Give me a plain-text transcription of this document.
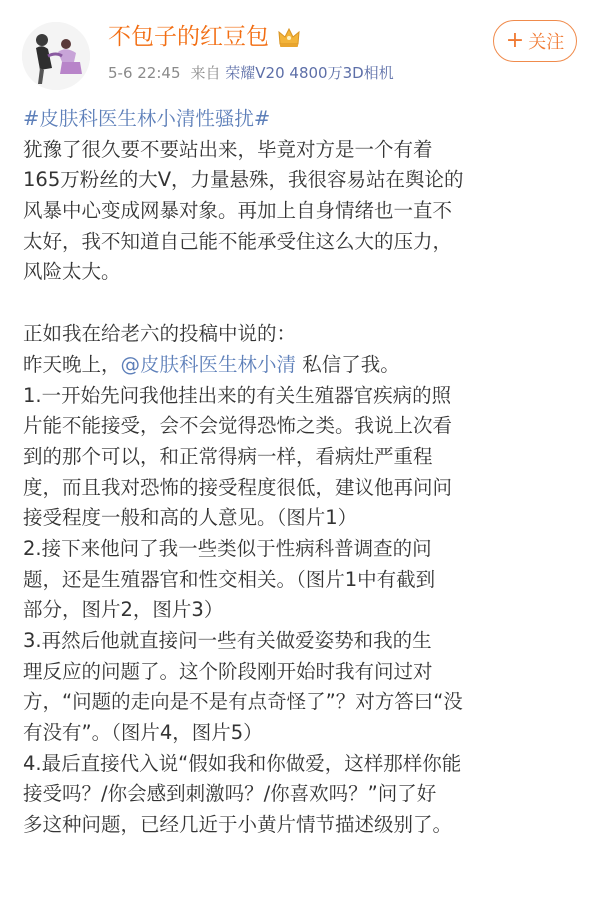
不包子的红豆包
5-6 22:45 来自 荣耀V20 4800万3D相机
+ 关注
#皮肤科医生林小清性骚扰#
犹豫了很久要不要站出来，毕竟对方是一个有着
165万粉丝的大V，力量悬殊，我很容易站在舆论的
风暴中心变成网暴对象。再加上自身情绪也一直不
太好，我不知道自己能不能承受住这么大的压力，
风险太大。
正如我在给老六的投稿中说的：
昨天晚上，@皮肤科医生林小清 私信了我。
1.一开始先问我他挂出来的有关生殖器官疾病的照
片能不能接受，会不会觉得恐怖之类。我说上次看
到的那个可以，和正常得病一样，看病灶严重程
度，而且我对恐怖的接受程度很低，建议他再问问
接受程度一般和高的人意见。（图片1）
2.接下来他问了我一些类似于性病科普调查的问
题，还是生殖器官和性交相关。（图片1中有截到
部分，图片2，图片3）
3.再然后他就直接问一些有关做爱姿势和我的生
理反应的问题了。这个阶段刚开始时我有问过对
方，“问题的走向是不是有点奇怪了”？对方答曰“没
有没有”。（图片4，图片5）
4.最后直接代入说“假如我和你做爱，这样那样你能
接受吗？/你会感到刺激吗？/你喜欢吗？”问了好
多这种问题，已经几近于小黄片情节描述级别了。
